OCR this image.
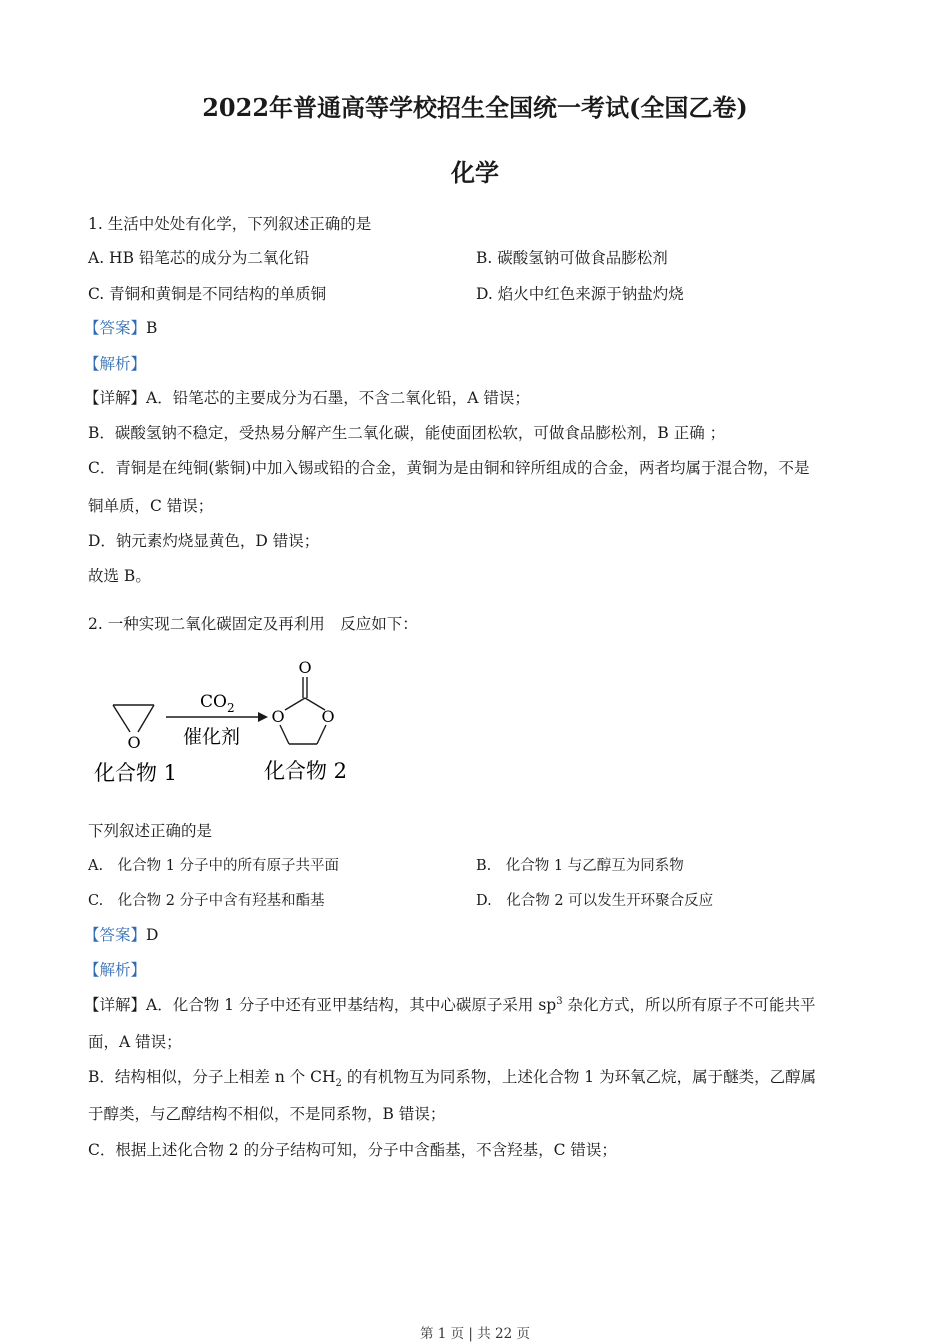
2022年普通高等学校招生全国统一考试(全国乙卷)
化学
1. 生活中处处有化学，下列叙述正确的是
A. HB 铅笔芯的成分为二氧化铅	B. 碳酸氢钠可做食品膨松剂
C. 青铜和黄铜是不同结构的单质铜	D. 焰火中红色来源于钠盐灼烧
【答案】B
【解析】
【详解】A．铅笔芯的主要成分为石墨，不含二氧化铅，A 错误；
B．碳酸氢钠不稳定，受热易分解产生二氧化碳，能使面团松软，可做食品膨松剂，B 正确 ；
C．青铜是在纯铜(紫铜)中加入锡或铅的合金，黄铜为是由铜和锌所组成的合金，两者均属于混合物，不是
铜单质，C 错误；
D．钠元素灼烧显黄色，D 错误；
故选 B。
2. 一种实现二氧化碳固定及再利用　反应如下：
O
$CO_2$
催化剂
O
O O
化合物 1	化合物 2
下列叙述正确的是
A.　化合物 1 分子中的所有原子共平面	B.　化合物 1 与乙醇互为同系物
C.　化合物 2 分子中含有羟基和酯基	D.　化合物 2 可以发生开环聚合反应
【答案】D
【解析】
【详解】A．化合物 1 分子中还有亚甲基结构，其中心碳原子采用 $sp^3$ 杂化方式，所以所有原子不可能共平
面，A 错误；
B．结构相似，分子上相差 n 个 $CH_2$ 的有机物互为同系物，上述化合物 1 为环氧乙烷，属于醚类，乙醇属
于醇类，与乙醇结构不相似，不是同系物，B 错误；
C．根据上述化合物 2 的分子结构可知，分子中含酯基，不含羟基，C 错误；
第 1 页 | 共 22 页
